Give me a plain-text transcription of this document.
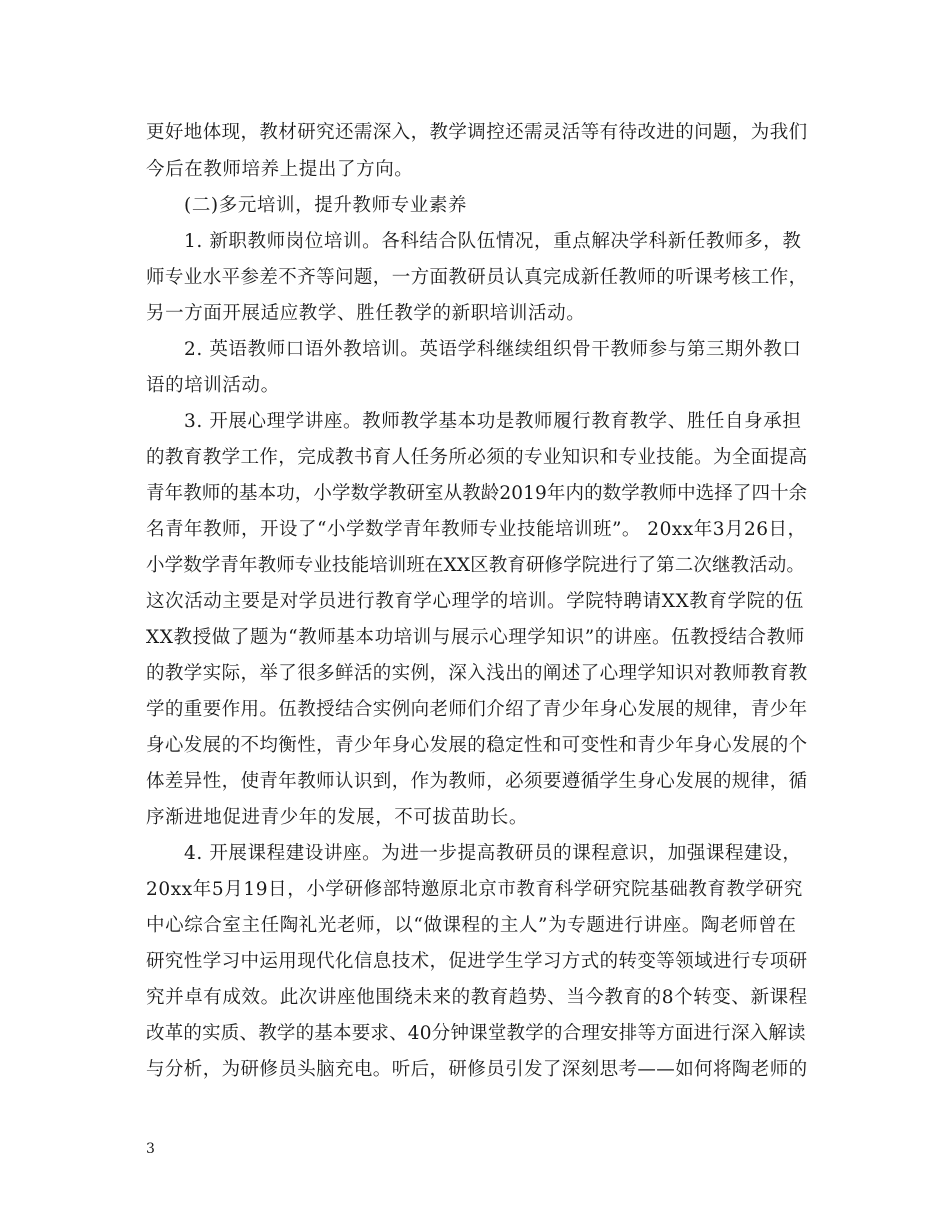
更好地体现，教材研究还需深入，教学调控还需灵活等有待改进的问题，为我们
今后在教师培养上提出了方向。
(二)多元培训，提升教师专业素养
1. 新职教师岗位培训。各科结合队伍情况，重点解决学科新任教师多，教
师专业水平参差不齐等问题，一方面教研员认真完成新任教师的听课考核工作，
另一方面开展适应教学、胜任教学的新职培训活动。
2. 英语教师口语外教培训。英语学科继续组织骨干教师参与第三期外教口
语的培训活动。
3. 开展心理学讲座。教师教学基本功是教师履行教育教学、胜任自身承担
的教育教学工作，完成教书育人任务所必须的专业知识和专业技能。为全面提高
青年教师的基本功，小学数学教研室从教龄2019年内的数学教师中选择了四十余
名青年教师，开设了“小学数学青年教师专业技能培训班”。 20xx年3月26日，
小学数学青年教师专业技能培训班在XX区教育研修学院进行了第二次继教活动。
这次活动主要是对学员进行教育学心理学的培训。学院特聘请XX教育学院的伍
XX教授做了题为“教师基本功培训与展示心理学知识”的讲座。伍教授结合教师
的教学实际，举了很多鲜活的实例，深入浅出的阐述了心理学知识对教师教育教
学的重要作用。伍教授结合实例向老师们介绍了青少年身心发展的规律，青少年
身心发展的不均衡性，青少年身心发展的稳定性和可变性和青少年身心发展的个
体差异性，使青年教师认识到，作为教师，必须要遵循学生身心发展的规律，循
序渐进地促进青少年的发展，不可拔苗助长。
4. 开展课程建设讲座。为进一步提高教研员的课程意识，加强课程建设，
20xx年5月19日，小学研修部特邀原北京市教育科学研究院基础教育教学研究
中心综合室主任陶礼光老师，以“做课程的主人”为专题进行讲座。陶老师曾在
研究性学习中运用现代化信息技术，促进学生学习方式的转变等领域进行专项研
究并卓有成效。此次讲座他围绕未来的教育趋势、当今教育的8个转变、新课程
改革的实质、教学的基本要求、40分钟课堂教学的合理安排等方面进行深入解读
与分析，为研修员头脑充电。听后，研修员引发了深刻思考——如何将陶老师的
3
